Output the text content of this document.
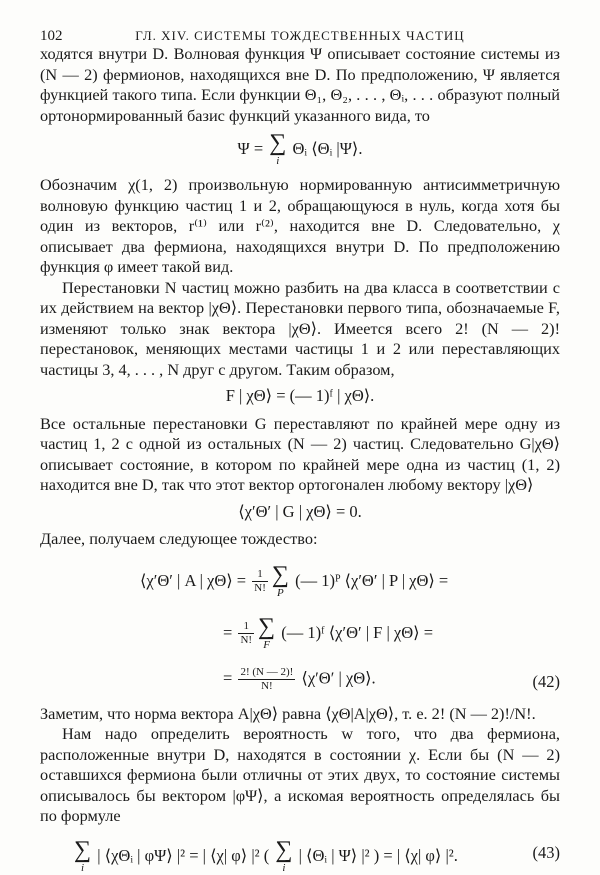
102	ГЛ. XIV. СИСТЕМЫ ТОЖДЕСТВЕННЫХ ЧАСТИЦ

ходятся внутри D. Волновая функция Ψ описывает состояние системы из (N — 2) фермионов, находящихся вне D. По предположению, Ψ является функцией такого типа. Если функции Θ₁, Θ₂, . . . , Θᵢ, . . . образуют полный ортонормированный базис функций указанного вида, то

Ψ = ∑
i
Θᵢ ⟨Θᵢ |Ψ⟩.

Обозначим χ(1, 2) произвольную нормированную антисимметричную волновую функцию частиц 1 и 2, обращающуюся в нуль, когда хотя бы один из векторов, r⁽¹⁾ или r⁽²⁾, находится вне D. Следовательно, χ описывает два фермиона, находящихся внутри D. По предположению функция φ имеет такой вид.

Перестановки N частиц можно разбить на два класса в соответствии с их действием на вектор |χΘ⟩. Перестановки первого типа, обозначаемые F, изменяют только знак вектора |χΘ⟩. Имеется всего 2! (N — 2)! перестановок, меняющих местами частицы 1 и 2 или переставляющих частицы 3, 4, . . . , N друг с другом. Таким образом,

F | χΘ⟩ = (— 1)ᶠ | χΘ⟩.

Все остальные перестановки G переставляют по крайней мере одну из частиц 1, 2 с одной из остальных (N — 2) частиц. Следовательно G|χΘ⟩ описывает состояние, в котором по крайней мере одна из частиц (1, 2) находится вне D, так что этот вектор ортогонален любому вектору |χΘ⟩

⟨χ′Θ′ | G | χΘ⟩ = 0.

Далее, получаем следующее тождество:

⟨χ′Θ′ | A | χΘ⟩ = $\frac{1}{N!}$ ∑
P
(— 1)ᴾ ⟨χ′Θ′ | P | χΘ⟩ =
= $\frac{1}{N!}$ ∑
F
(— 1)ᶠ ⟨χ′Θ′ | F | χΘ⟩ =
= $\frac{2! (N — 2)!}{N!}$ ⟨χ′Θ′ | χΘ⟩.	(42)

Заметим, что норма вектора A|χΘ⟩ равна ⟨χΘ|A|χΘ⟩, т. е. 2! (N — 2)!/N!.

Нам надо определить вероятность w того, что два фермиона, расположенные внутри D, находятся в состоянии χ. Если бы (N — 2) оставшихся фермиона были отличны от этих двух, то состояние системы описывалось бы вектором |φΨ⟩, а искомая вероятность определялась бы по формуле

∑
i
| ⟨χΘᵢ | φΨ⟩ |² = | ⟨χ| φ⟩ |² ( ∑
i
| ⟨Θᵢ | Ψ⟩ |² ) = | ⟨χ| φ⟩ |².	(43)
